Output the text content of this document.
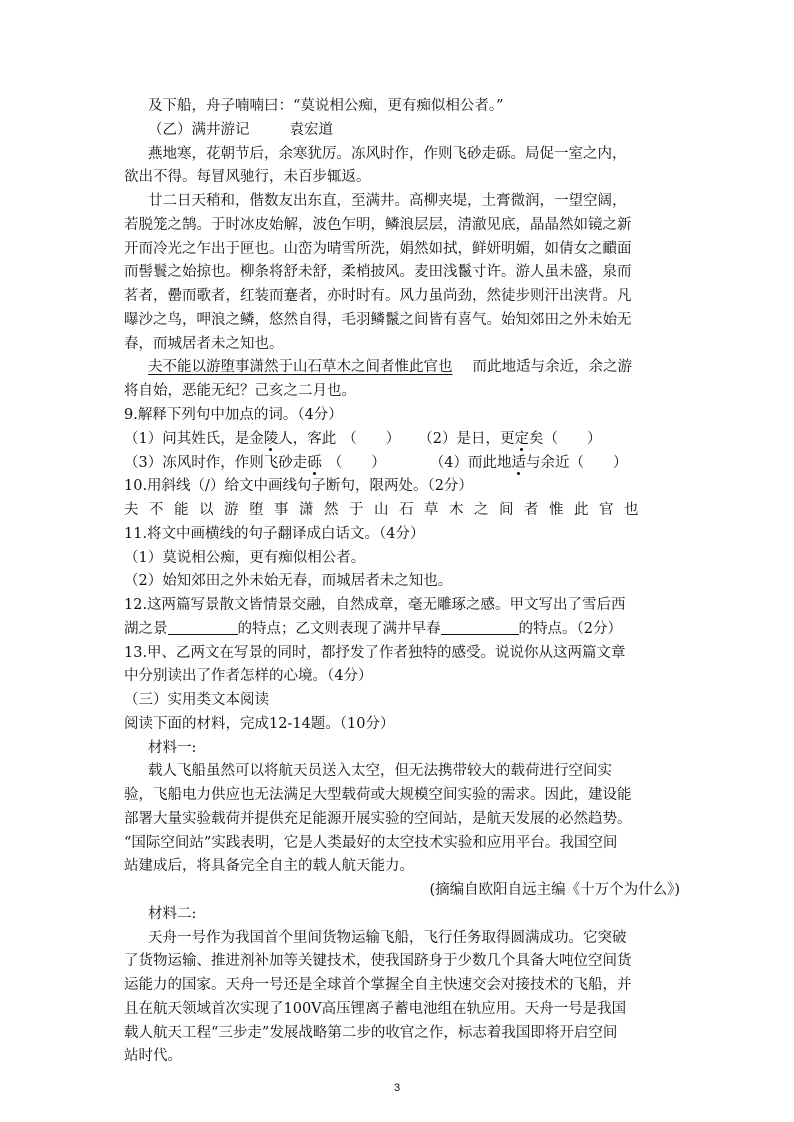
及下船，舟子喃喃曰：“莫说相公痴，更有痴似相公者。”
（乙）满井游记	袁宏道
燕地寒，花朝节后，余寒犹厉。冻风时作，作则飞砂走砾。局促一室之内，
欲出不得。每冒风驰行，未百步辄返。
廿二日天稍和，偕数友出东直，至满井。高柳夹堤，土膏微润，一望空阔，
若脱笼之鹄。于时冰皮始解，波色乍明，鳞浪层层，清澈见底，晶晶然如镜之新
开而冷光之乍出于匣也。山峦为晴雪所洗，娟然如拭，鲜妍明媚，如倩女之靧面
而髻鬟之始掠也。柳条将舒未舒，柔梢披风。麦田浅鬣寸许。游人虽未盛，泉而
茗者，罍而歌者，红装而蹇者，亦时时有。风力虽尚劲，然徒步则汗出浃背。凡
曝沙之鸟，呷浪之鳞，悠然自得，毛羽鳞鬣之间皆有喜气。始知郊田之外未始无
春，而城居者未之知也。
夫不能以游堕事潇然于山石草木之间者惟此官也 而此地适与余近，余之游
将自始，恶能无纪？己亥之二月也。
9.解释下列句中加点的词。（4分）
（1）问其姓氏，是金陵人，客此 （　　） （2）是日，更定矣（　　）
（3）冻风时作，作则飞砂走砾 （　　）	（4）而此地适与余近（　　）
10.用斜线（/）给文中画线句子断句，限两处。（2分）
夫不能以游堕事潇然于山石草木之间者惟此官也
11.将文中画横线的句子翻译成白话文。（4分）
（1）莫说相公痴，更有痴似相公者。
（2）始知郊田之外未始无春，而城居者未之知也。
12.这两篇写景散文皆情景交融，自然成章，毫无雕琢之感。甲文写出了雪后西
湖之景	的特点；乙文则表现了满井早春	的特点。（2分）
13.甲、乙两文在写景的同时，都抒发了作者独特的感受。说说你从这两篇文章
中分别读出了作者怎样的心境。（4分）
（三）实用类文本阅读
阅读下面的材料，完成12-14题。（10分）
材料一:
载人飞船虽然可以将航天员送入太空，但无法携带较大的载荷进行空间实
验，飞船电力供应也无法满足大型载荷或大规模空间实验的需求。因此，建设能
部署大量实验载荷并提供充足能源开展实验的空间站，是航天发展的必然趋势。
“国际空间站”实践表明，它是人类最好的太空技术实验和应用平台。我国空间
站建成后，将具备完全自主的载人航天能力。
(摘编自欧阳自远主编《十万个为什么》)
材料二:
天舟一号作为我国首个里间货物运输飞船，飞行任务取得圆满成功。它突破
了货物运输、推进剂补加等关键技术，使我国跻身于少数几个具备大吨位空间货
运能力的国家。天舟一号还是全球首个掌握全自主快速交会对接技术的飞船，并
且在航天领域首次实现了100V高压锂离子蓄电池组在轨应用。天舟一号是我国
载人航天工程“三步走”发展战略第二步的收官之作，标志着我国即将开启空间
站时代。
3
